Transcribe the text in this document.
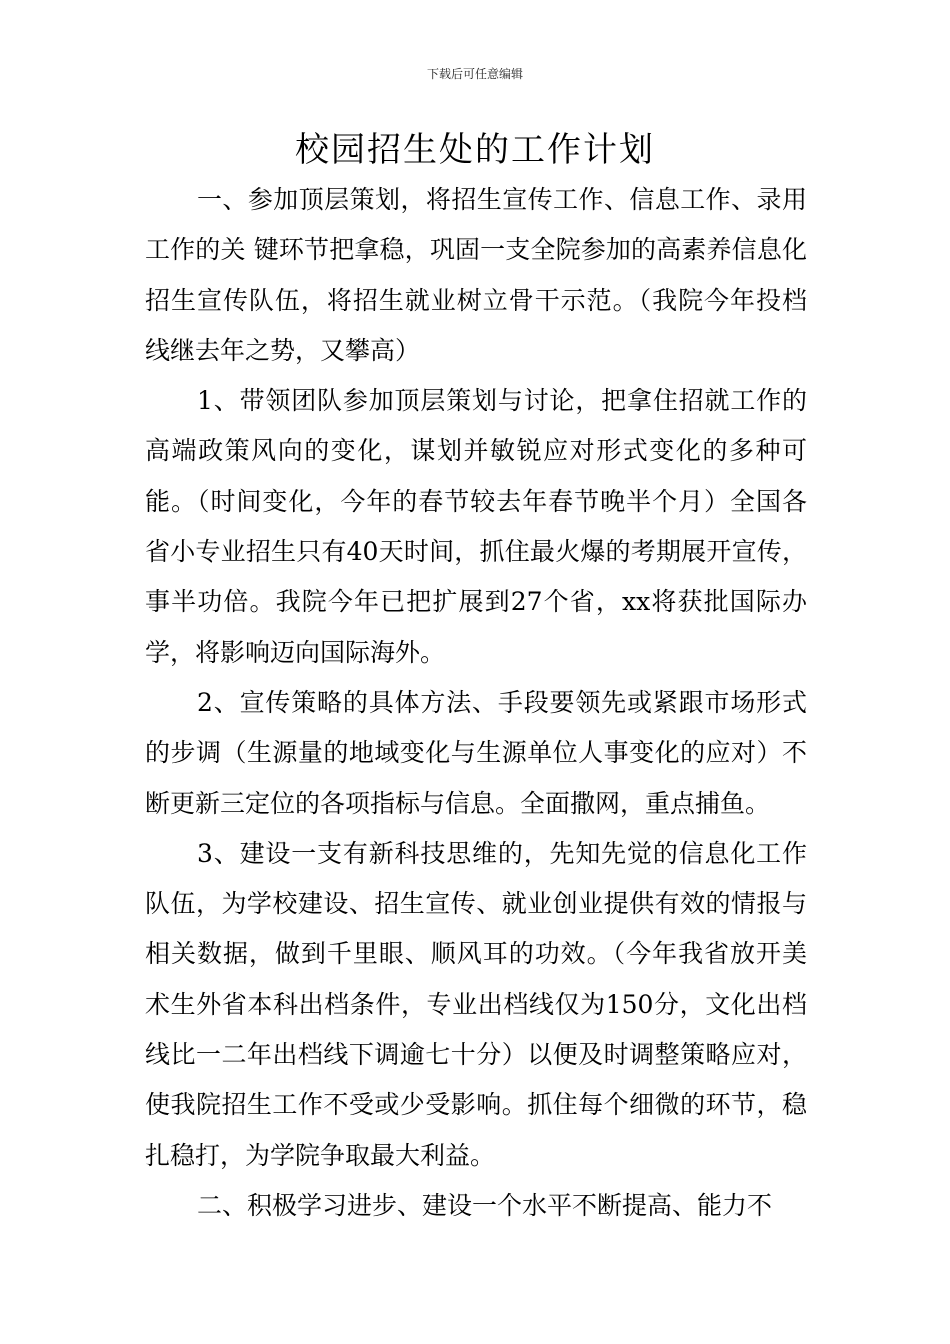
下载后可任意编辑
校园招生处的工作计划

一、参加顶层策划，将招生宣传工作、信息工作、录用工作的关 键环节把拿稳，巩固一支全院参加的高素养信息化招生宣传队伍，将招生就业树立骨干示范。（我院今年投档线继去年之势，又攀高）

1、带领团队参加顶层策划与讨论，把拿住招就工作的高端政策风向的变化，谋划并敏锐应对形式变化的多种可能。（时间变化，今年的春节较去年春节晚半个月）全国各省小专业招生只有40天时间，抓住最火爆的考期展开宣传，事半功倍。我院今年已把扩展到27个省，xx将获批国际办学，将影响迈向国际海外。

2、宣传策略的具体方法、手段要领先或紧跟市场形式的步调（生源量的地域变化与生源单位人事变化的应对）不断更新三定位的各项指标与信息。全面撒网，重点捕鱼。

3、建设一支有新科技思维的，先知先觉的信息化工作队伍，为学校建设、招生宣传、就业创业提供有效的情报与相关数据，做到千里眼、顺风耳的功效。（今年我省放开美术生外省本科出档条件，专业出档线仅为150分，文化出档线比一二年出档线下调逾七十分）以便及时调整策略应对，使我院招生工作不受或少受影响。抓住每个细微的环节，稳扎稳打，为学院争取最大利益。

二、积极学习进步、建设一个水平不断提高、能力不
